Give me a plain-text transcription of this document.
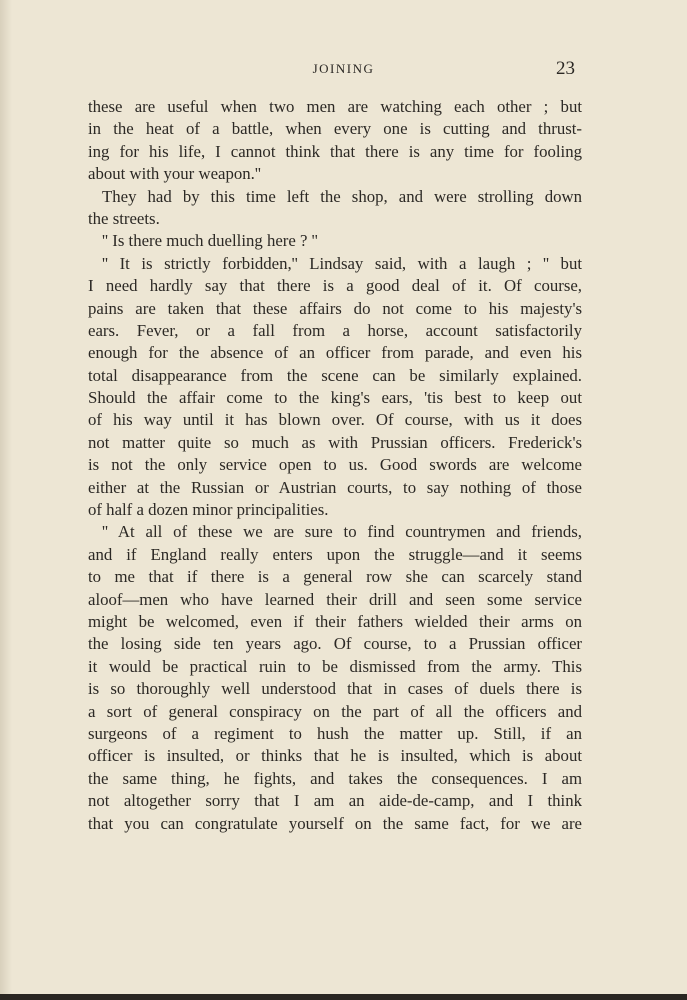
JOINING	23
these are useful when two men are watching each other ; but
in the heat of a battle, when every one is cutting and thrust-
ing for his life, I cannot think that there is any time for fooling
about with your weapon.''
They had by this time left the shop, and were strolling down
the streets.
'' Is there much duelling here ? ''
'' It is strictly forbidden,'' Lindsay said, with a laugh ; '' but
I need hardly say that there is a good deal of it. Of course,
pains are taken that these affairs do not come to his majesty's
ears. Fever, or a fall from a horse, account satisfactorily
enough for the absence of an officer from parade, and even his
total disappearance from the scene can be similarly explained.
Should the affair come to the king's ears, 'tis best to keep out
of his way until it has blown over. Of course, with us it does
not matter quite so much as with Prussian officers. Frederick's
is not the only service open to us. Good swords are welcome
either at the Russian or Austrian courts, to say nothing of those
of half a dozen minor principalities.
'' At all of these we are sure to find countrymen and friends,
and if England really enters upon the struggle—and it seems
to me that if there is a general row she can scarcely stand
aloof—men who have learned their drill and seen some service
might be welcomed, even if their fathers wielded their arms on
the losing side ten years ago. Of course, to a Prussian officer
it would be practical ruin to be dismissed from the army. This
is so thoroughly well understood that in cases of duels there is
a sort of general conspiracy on the part of all the officers and
surgeons of a regiment to hush the matter up. Still, if an
officer is insulted, or thinks that he is insulted, which is about
the same thing, he fights, and takes the consequences. I am
not altogether sorry that I am an aide-de-camp, and I think
that you can congratulate yourself on the same fact, for we are
